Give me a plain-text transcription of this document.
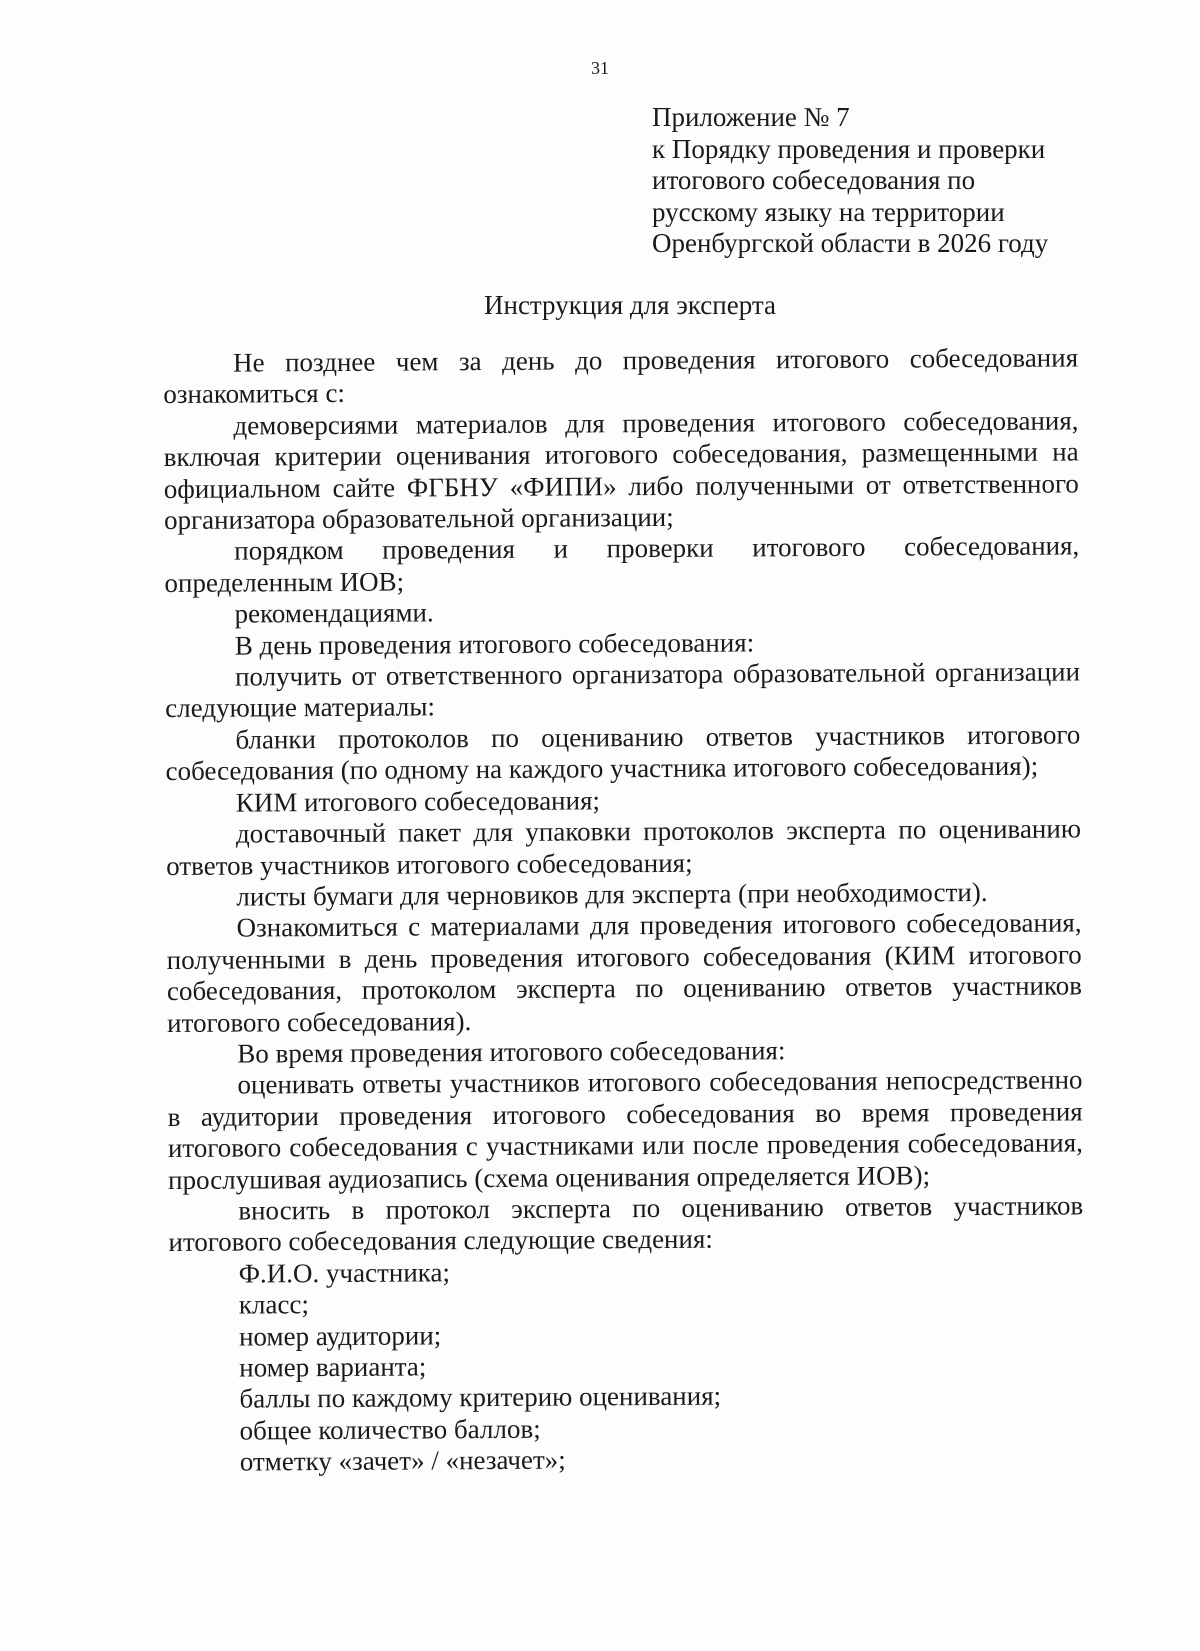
31
Приложение № 7
к Порядку проведения и проверки
итогового собеседования по
русскому языку на территории
Оренбургской области в 2026 году
Инструкция для эксперта

Не позднее чем за день до проведения итогового собеседования ознакомиться с:

демоверсиями материалов для проведения итогового собеседования, включая критерии оценивания итогового собеседования, размещенными на официальном сайте ФГБНУ «ФИПИ» либо полученными от ответственного организатора образовательной организации;

порядком проведения и проверки итогового собеседования, определенным ИОВ;

рекомендациями.

В день проведения итогового собеседования:

получить от ответственного организатора образовательной организации следующие материалы:

бланки протоколов по оцениванию ответов участников итогового собеседования (по одному на каждого участника итогового собеседования);

КИМ итогового собеседования;

доставочный пакет для упаковки протоколов эксперта по оцениванию ответов участников итогового собеседования;

листы бумаги для черновиков для эксперта (при необходимости).

Ознакомиться с материалами для проведения итогового собеседования, полученными в день проведения итогового собеседования (КИМ итогового собеседования, протоколом эксперта по оцениванию ответов участников итогового собеседования).

Во время проведения итогового собеседования:

оценивать ответы участников итогового собеседования непосредственно в аудитории проведения итогового собеседования во время проведения итогового собеседования с участниками или после проведения собеседования, прослушивая аудиозапись (схема оценивания определяется ИОВ);

вносить в протокол эксперта по оцениванию ответов участников итогового собеседования следующие сведения:

Ф.И.О. участника;

класс;

номер аудитории;

номер варианта;

баллы по каждому критерию оценивания;

общее количество баллов;

отметку «зачет» / «незачет»;
